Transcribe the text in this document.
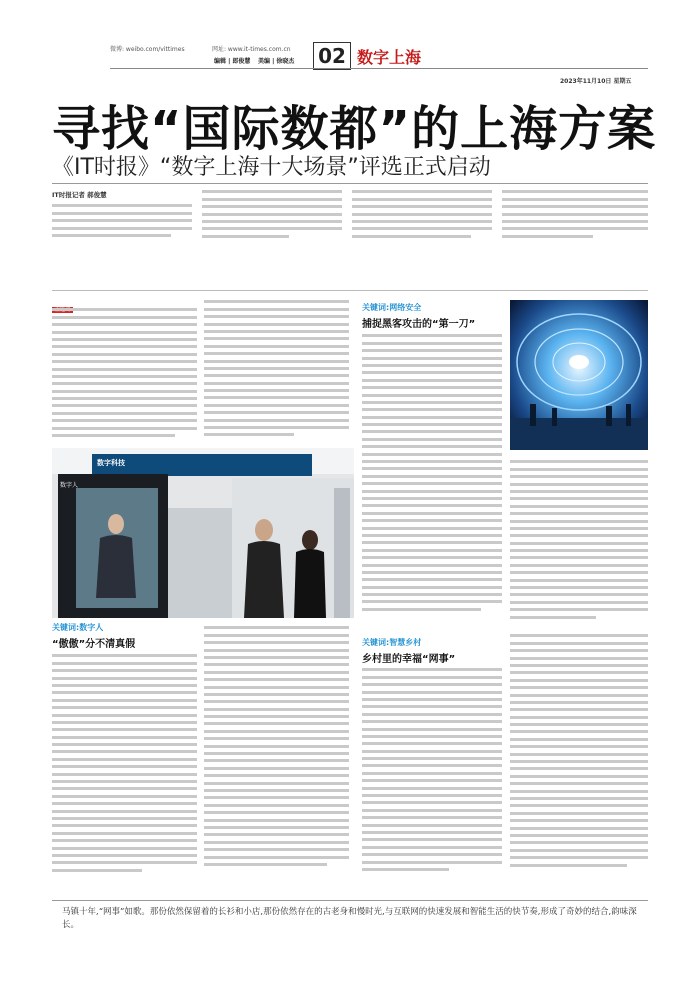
微博: weibo.com/vittimes	网址: www.it-times.com.cn
编辑 | 郎俊慧 美编 | 徐晓杰 02 数字上海
2023年11月10日 星期五
寻找“国际数都”的上海方案
《IT时报》“数字上海十大场景”评选正式启动
IT时报记者 郝俊慧
关键词:网络安全
捕捉黑客攻击的“第一刀”
数字科技
数字人
关键词:数字人
“傲傲”分不清真假	关键词:智慧乡村
乡村里的幸福“网事”
马镇十年,“网事”如歌。那份依然保留着的长衫和小店,那份依然存在的古老身和慢时光,与互联网的快速发展和智能生活的快节奏,形成了奇妙的结合,韵味深长。
